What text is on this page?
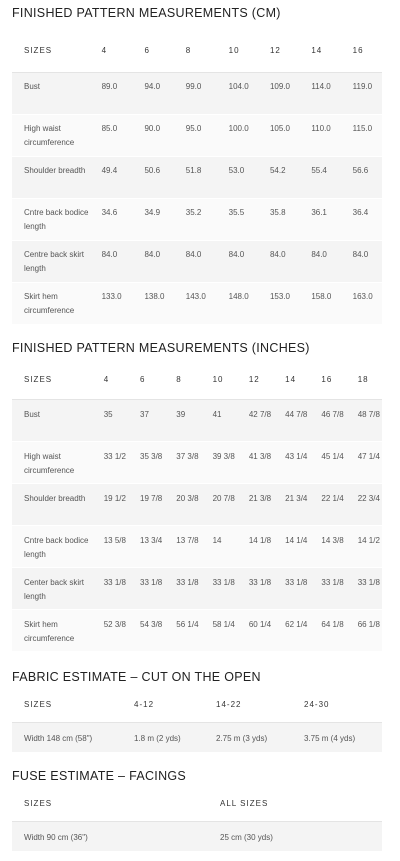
FINISHED PATTERN MEASUREMENTS (CM)
SIZES	4	6	8	10	12	14	16
Bust	89.0	94.0	99.0	104.0	109.0	114.0	119.0
High waist circumference	85.0	90.0	95.0	100.0	105.0	110.0	115.0
Shoulder breadth	49.4	50.6	51.8	53.0	54.2	55.4	56.6
Cntre back bodice length	34.6	34.9	35.2	35.5	35.8	36.1	36.4
Centre back skirt length	84.0	84.0	84.0	84.0	84.0	84.0	84.0
Skirt hem circumference	133.0	138.0	143.0	148.0	153.0	158.0	163.0
FINISHED PATTERN MEASUREMENTS (INCHES)
SIZES	4	6	8	10	12	14	16	18
Bust	35	37	39	41	42 7/8	44 7/8	46 7/8	48 7/8
High waist circumference	33 1/2	35 3/8	37 3/8	39 3/8	41 3/8	43 1/4	45 1/4	47 1/4
Shoulder breadth	19 1/2	19 7/8	20 3/8	20 7/8	21 3/8	21 3/4	22 1/4	22 3/4
Cntre back bodice length	13 5/8	13 3/4	13 7/8	14	14 1/8	14 1/4	14 3/8	14 1/2
Center back skirt length	33 1/8	33 1/8	33 1/8	33 1/8	33 1/8	33 1/8	33 1/8	33 1/8
Skirt hem circumference	52 3/8	54 3/8	56 1/4	58 1/4	60 1/4	62 1/4	64 1/8	66 1/8
FABRIC ESTIMATE – CUT ON THE OPEN
SIZES	4-12	14-22	24-30
Width 148 cm (58")	1.8 m (2 yds)	2.75 m (3 yds)	3.75 m (4 yds)
FUSE ESTIMATE – FACINGS
SIZES	ALL SIZES
Width 90 cm (36")	25 cm (30 yds)
